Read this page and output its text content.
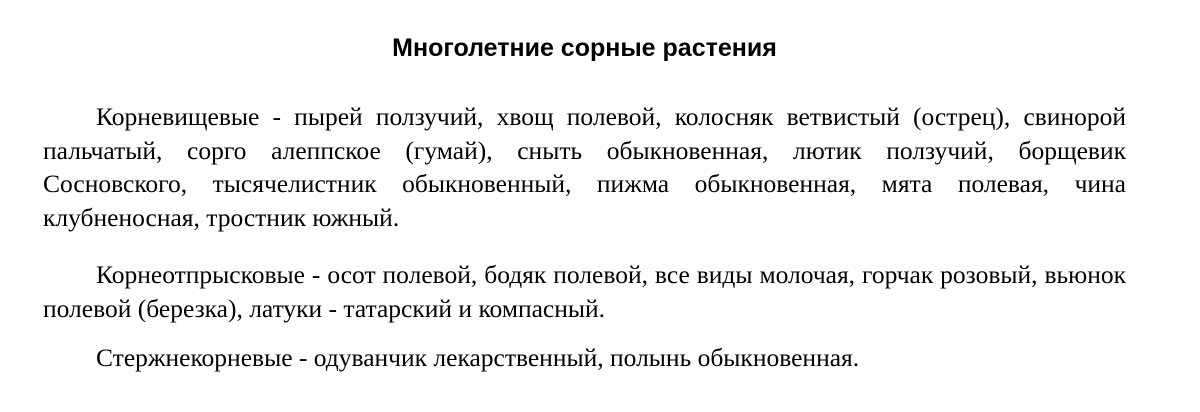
Многолетние сорные растения

Корневищевые - пырей ползучий, хвощ полевой, колосняк ветвистый (острец), свинорой пальчатый, сорго алеппское (гумай), сныть обыкновенная, лютик ползучий, борщевик Сосновского, тысячелистник обыкновенный, пижма обыкновенная, мята полевая, чина клубненосная, тростник южный.

Корнеотпрысковые - осот полевой, бодяк полевой, все виды молочая, горчак розовый, вьюнок полевой (березка), латуки - татарский и компасный.

Стержнекорневые - одуванчик лекарственный, полынь обыкновенная.
